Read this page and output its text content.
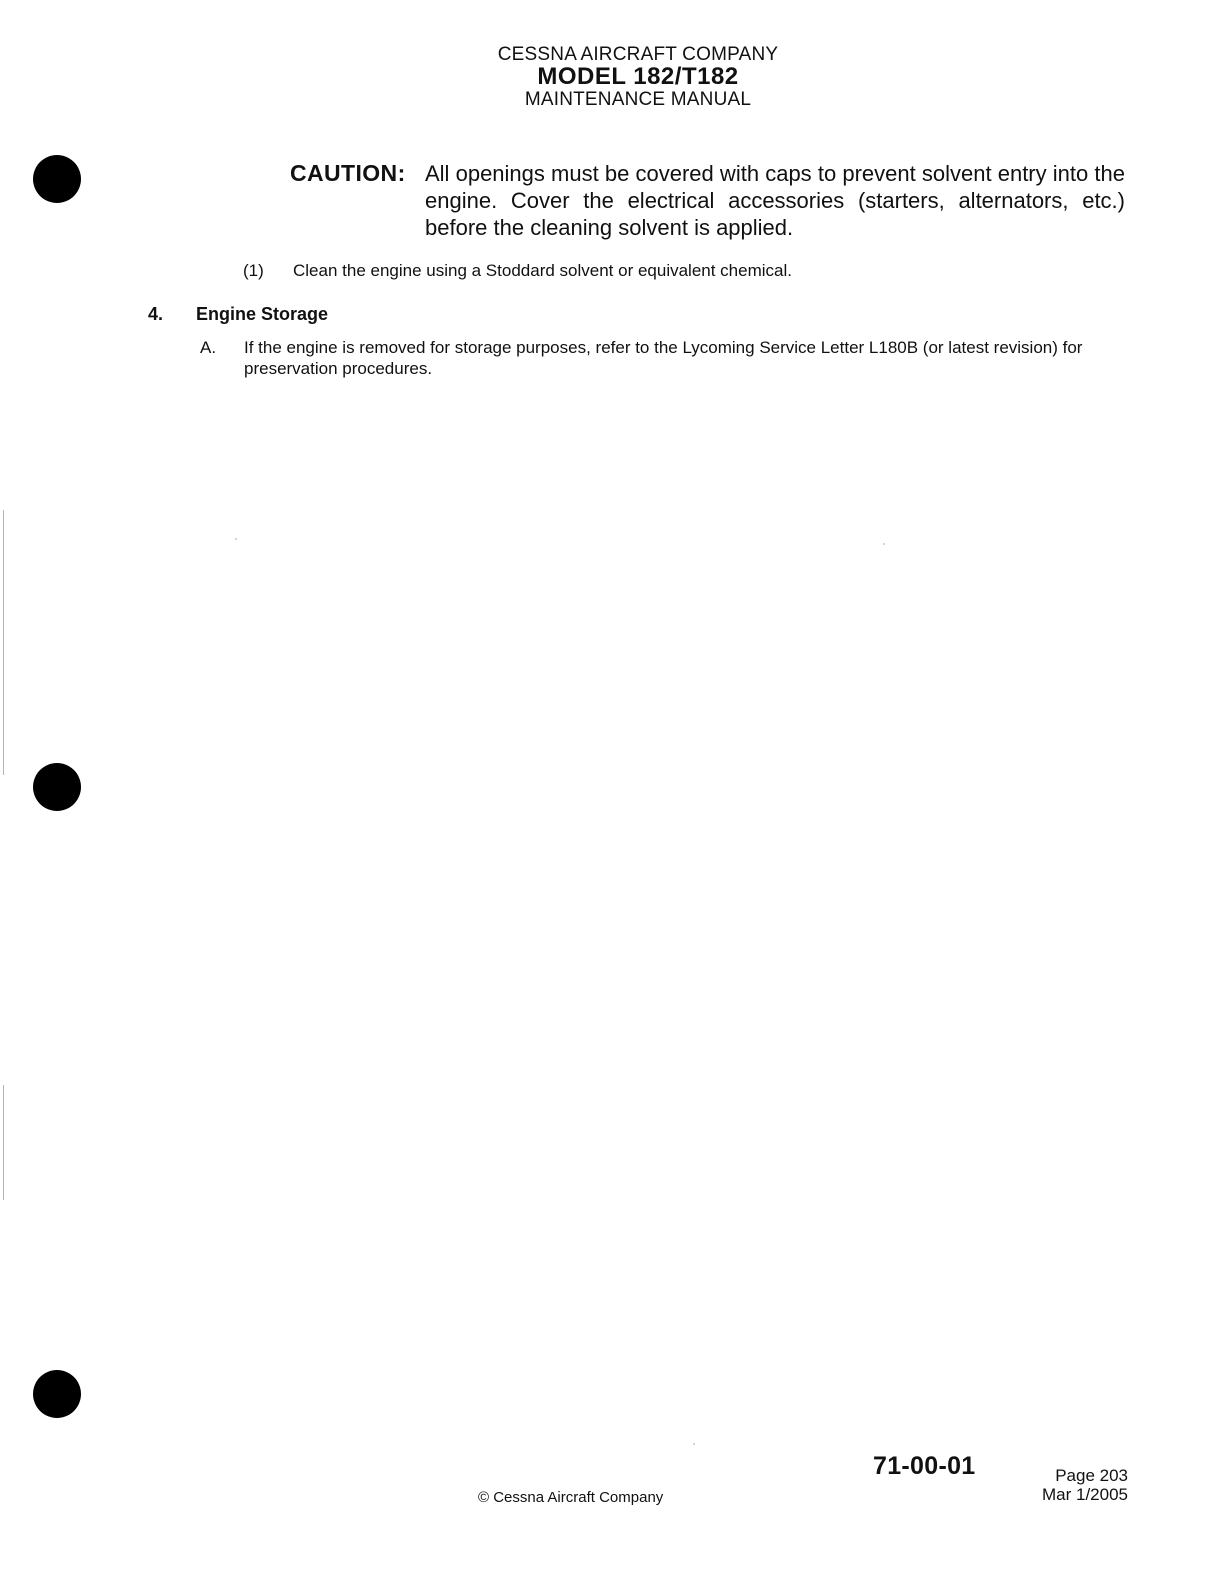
CESSNA AIRCRAFT COMPANY
MODEL 182/T182
MAINTENANCE MANUAL
CAUTION: All openings must be covered with caps to prevent solvent entry into the engine. Cover the electrical accessories (starters, alternators, etc.) before the cleaning solvent is applied.
(1) Clean the engine using a Stoddard solvent or equivalent chemical.
4. Engine Storage
A. If the engine is removed for storage purposes, refer to the Lycoming Service Letter L180B (or latest revision) for preservation procedures.
© Cessna Aircraft Company
71-00-01	Page 203
Mar 1/2005
